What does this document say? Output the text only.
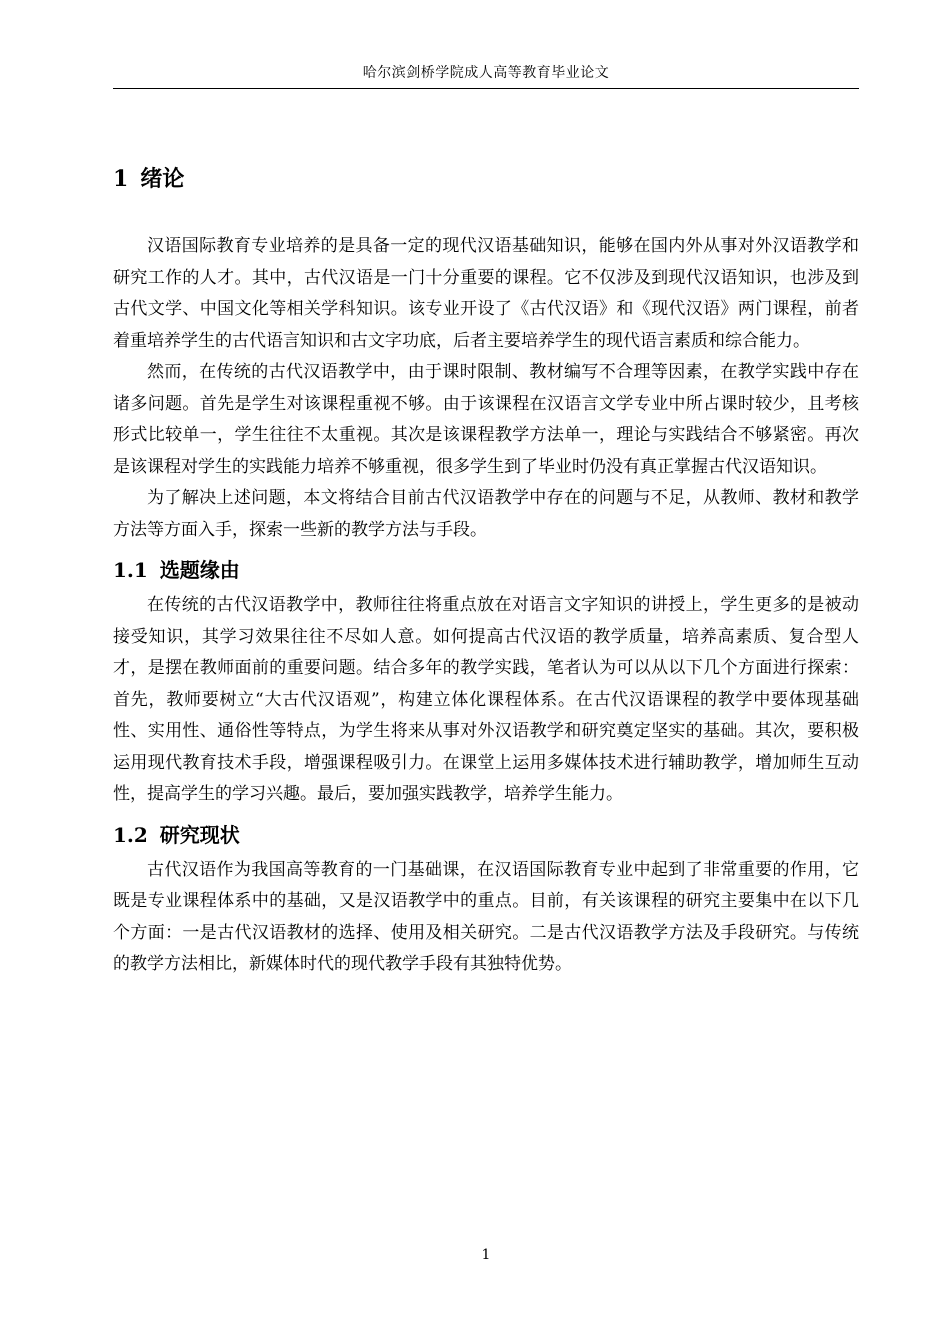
哈尔滨剑桥学院成人高等教育毕业论文
1 绪论

汉语国际教育专业培养的是具备一定的现代汉语基础知识，能够在国内外从事对外汉语教学和研究工作的人才。其中，古代汉语是一门十分重要的课程。它不仅涉及到现代汉语知识，也涉及到古代文学、中国文化等相关学科知识。该专业开设了《古代汉语》和《现代汉语》两门课程，前者着重培养学生的古代语言知识和古文字功底，后者主要培养学生的现代语言素质和综合能力。

然而，在传统的古代汉语教学中，由于课时限制、教材编写不合理等因素，在教学实践中存在诸多问题。首先是学生对该课程重视不够。由于该课程在汉语言文学专业中所占课时较少，且考核形式比较单一，学生往往不太重视。其次是该课程教学方法单一，理论与实践结合不够紧密。再次是该课程对学生的实践能力培养不够重视，很多学生到了毕业时仍没有真正掌握古代汉语知识。

为了解决上述问题，本文将结合目前古代汉语教学中存在的问题与不足，从教师、教材和教学方法等方面入手，探索一些新的教学方法与手段。

1.1 选题缘由

在传统的古代汉语教学中，教师往往将重点放在对语言文字知识的讲授上，学生更多的是被动接受知识，其学习效果往往不尽如人意。如何提高古代汉语的教学质量，培养高素质、复合型人才，是摆在教师面前的重要问题。结合多年的教学实践，笔者认为可以从以下几个方面进行探索：首先，教师要树立“大古代汉语观”，构建立体化课程体系。在古代汉语课程的教学中要体现基础性、实用性、通俗性等特点，为学生将来从事对外汉语教学和研究奠定坚实的基础。其次，要积极运用现代教育技术手段，增强课程吸引力。在课堂上运用多媒体技术进行辅助教学，增加师生互动性，提高学生的学习兴趣。最后，要加强实践教学，培养学生能力。

1.2 研究现状

古代汉语作为我国高等教育的一门基础课，在汉语国际教育专业中起到了非常重要的作用，它既是专业课程体系中的基础，又是汉语教学中的重点。目前，有关该课程的研究主要集中在以下几个方面：一是古代汉语教材的选择、使用及相关研究。二是古代汉语教学方法及手段研究。与传统的教学方法相比，新媒体时代的现代教学手段有其独特优势。

1
